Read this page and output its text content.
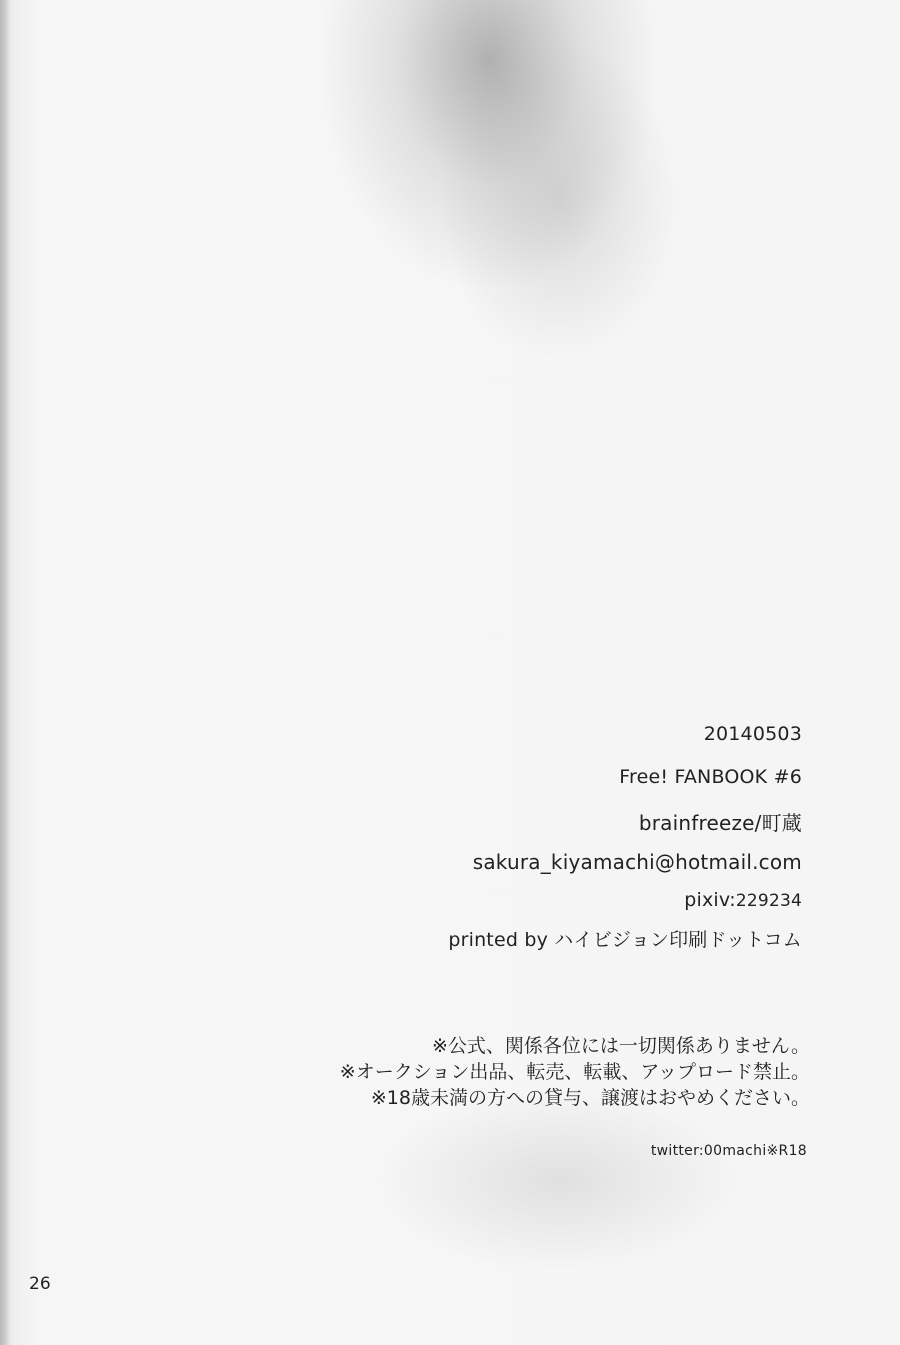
20140503
Free! FANBOOK #6
brainfreeze/町蔵
sakura_kiyamachi@hotmail.com
pixiv:229234
printed by ハイビジョン印刷ドットコム
※公式、関係各位には一切関係ありません。
※オークション出品、転売、転載、アップロード禁止。
※18歳未満の方への貸与、譲渡はおやめください。
twitter:00machi※R18
26
